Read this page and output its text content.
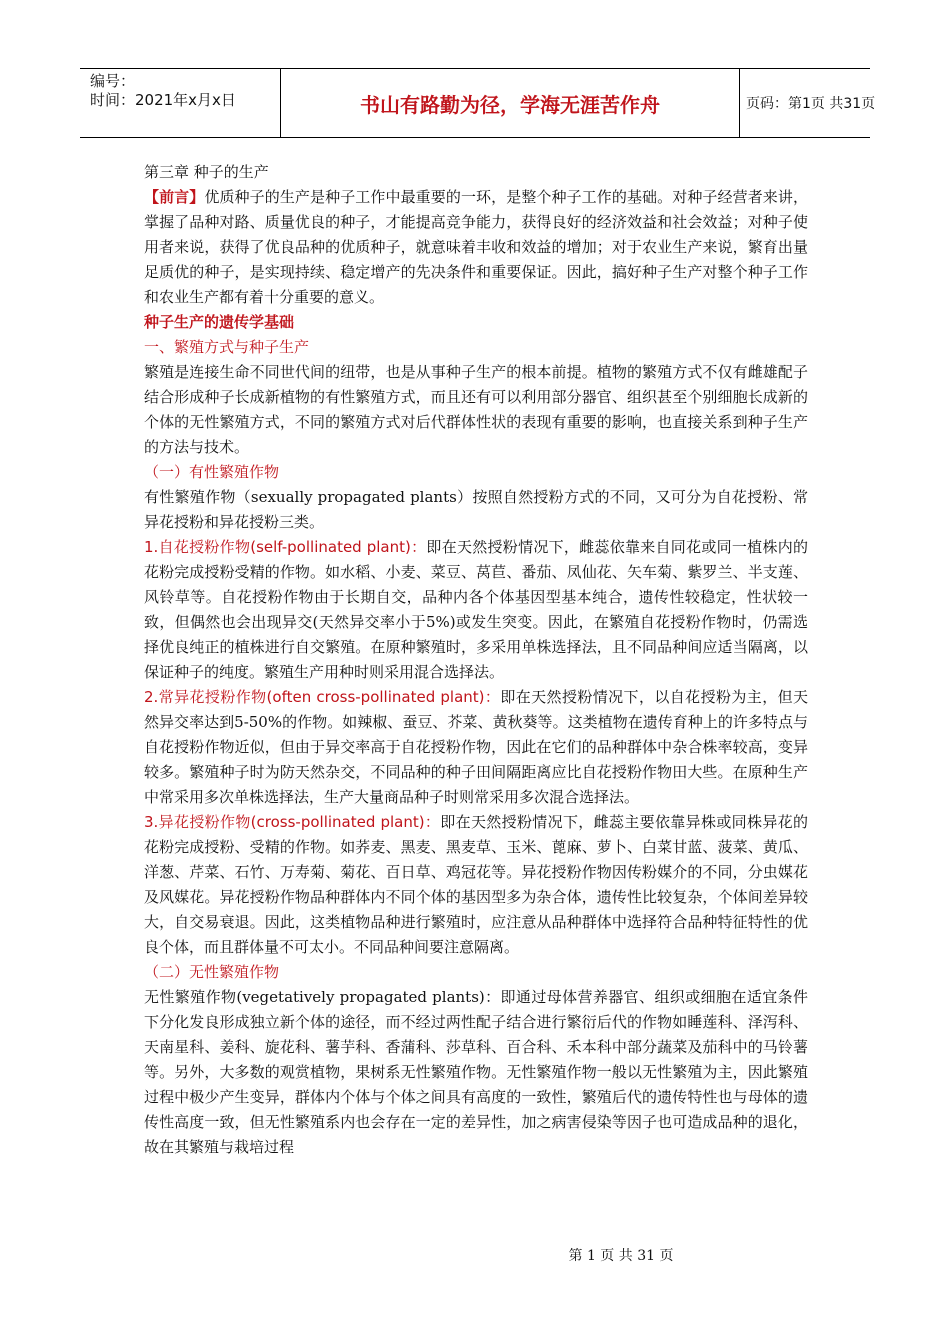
编号：
时间：2021年x月x日	书山有路勤为径，学海无涯苦作舟	页码：第1页 共31页

第三章 种子的生产

【前言】优质种子的生产是种子工作中最重要的一环，是整个种子工作的基础。对种子经营者来讲，掌握了品种对路、质量优良的种子，才能提高竞争能力，获得良好的经济效益和社会效益；对种子使用者来说，获得了优良品种的优质种子，就意味着丰收和效益的增加；对于农业生产来说，繁育出量足质优的种子，是实现持续、稳定增产的先决条件和重要保证。因此，搞好种子生产对整个种子工作和农业生产都有着十分重要的意义。

种子生产的遗传学基础

一、繁殖方式与种子生产

繁殖是连接生命不同世代间的纽带，也是从事种子生产的根本前提。植物的繁殖方式不仅有雌雄配子结合形成种子长成新植物的有性繁殖方式，而且还有可以利用部分器官、组织甚至个别细胞长成新的个体的无性繁殖方式，不同的繁殖方式对后代群体性状的表现有重要的影响，也直接关系到种子生产的方法与技术。

（一）有性繁殖作物

有性繁殖作物（sexually propagated plants）按照自然授粉方式的不同，又可分为自花授粉、常异花授粉和异花授粉三类。

1.自花授粉作物(self-pollinated plant)：即在天然授粉情况下，雌蕊依靠来自同花或同一植株内的花粉完成授粉受精的作物。如水稻、小麦、菜豆、莴苣、番茄、凤仙花、矢车菊、紫罗兰、半支莲、风铃草等。自花授粉作物由于长期自交，品种内各个体基因型基本纯合，遗传性较稳定，性状较一致，但偶然也会出现异交(天然异交率小于5%)或发生突变。因此，在繁殖自花授粉作物时，仍需选择优良纯正的植株进行自交繁殖。在原种繁殖时，多采用单株选择法，且不同品种间应适当隔离，以保证种子的纯度。繁殖生产用种时则采用混合选择法。

2.常异花授粉作物(often cross-pollinated plant)：即在天然授粉情况下，以自花授粉为主，但天然异交率达到5-50%的作物。如辣椒、蚕豆、芥菜、黄秋葵等。这类植物在遗传育种上的许多特点与自花授粉作物近似，但由于异交率高于自花授粉作物，因此在它们的品种群体中杂合株率较高，变异较多。繁殖种子时为防天然杂交，不同品种的种子田间隔距离应比自花授粉作物田大些。在原种生产中常采用多次单株选择法，生产大量商品种子时则常采用多次混合选择法。

3.异花授粉作物(cross-pollinated plant)：即在天然授粉情况下，雌蕊主要依靠异株或同株异花的花粉完成授粉、受精的作物。如荞麦、黑麦、黑麦草、玉米、蓖麻、萝卜、白菜甘蓝、菠菜、黄瓜、洋葱、芹菜、石竹、万寿菊、菊花、百日草、鸡冠花等。异花授粉作物因传粉媒介的不同，分虫媒花及风媒花。异花授粉作物品种群体内不同个体的基因型多为杂合体，遗传性比较复杂，个体间差异较大，自交易衰退。因此，这类植物品种进行繁殖时，应注意从品种群体中选择符合品种特征特性的优良个体，而且群体量不可太小。不同品种间要注意隔离。

（二）无性繁殖作物

无性繁殖作物(vegetatively propagated plants)：即通过母体营养器官、组织或细胞在适宜条件下分化发良形成独立新个体的途径，而不经过两性配子结合进行繁衍后代的作物如睡莲科、泽泻科、天南星科、姜科、旋花科、薯芋科、香蒲科、莎草科、百合科、禾本科中部分蔬菜及茄科中的马铃薯等。另外，大多数的观赏植物，果树系无性繁殖作物。无性繁殖作物一般以无性繁殖为主，因此繁殖过程中极少产生变异，群体内个体与个体之间具有高度的一致性，繁殖后代的遗传特性也与母体的遗传性高度一致，但无性繁殖系内也会存在一定的差异性，加之病害侵染等因子也可造成品种的退化，故在其繁殖与栽培过程

第 1 页 共 31 页
